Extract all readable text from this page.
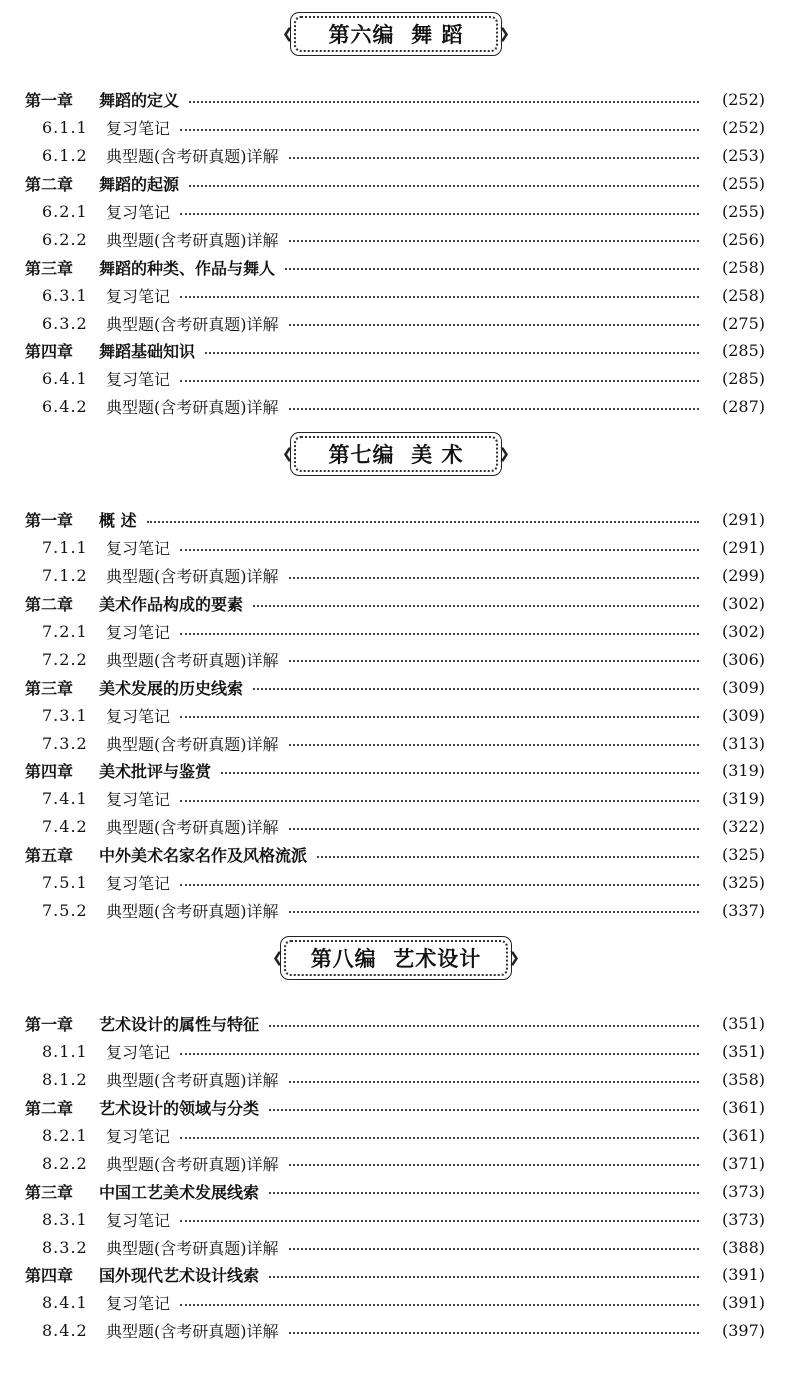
❮ 第六编  舞 蹈 ❯
第一章	舞蹈的定义	(252)
6.1.1	复习笔记	(252)
6.1.2	典型题(含考研真题)详解	(253)
第二章	舞蹈的起源	(255)
6.2.1	复习笔记	(255)
6.2.2	典型题(含考研真题)详解	(256)
第三章	舞蹈的种类、作品与舞人	(258)
6.3.1	复习笔记	(258)
6.3.2	典型题(含考研真题)详解	(275)
第四章	舞蹈基础知识	(285)
6.4.1	复习笔记	(285)
6.4.2	典型题(含考研真题)详解	(287)
❮ 第七编  美 术 ❯
第一章	概 述	(291)
7.1.1	复习笔记	(291)
7.1.2	典型题(含考研真题)详解	(299)
第二章	美术作品构成的要素	(302)
7.2.1	复习笔记	(302)
7.2.2	典型题(含考研真题)详解	(306)
第三章	美术发展的历史线索	(309)
7.3.1	复习笔记	(309)
7.3.2	典型题(含考研真题)详解	(313)
第四章	美术批评与鉴赏	(319)
7.4.1	复习笔记	(319)
7.4.2	典型题(含考研真题)详解	(322)
第五章	中外美术名家名作及风格流派	(325)
7.5.1	复习笔记	(325)
7.5.2	典型题(含考研真题)详解	(337)
❮ 第八编  艺术设计 ❯
第一章	艺术设计的属性与特征	(351)
8.1.1	复习笔记	(351)
8.1.2	典型题(含考研真题)详解	(358)
第二章	艺术设计的领域与分类	(361)
8.2.1	复习笔记	(361)
8.2.2	典型题(含考研真题)详解	(371)
第三章	中国工艺美术发展线索	(373)
8.3.1	复习笔记	(373)
8.3.2	典型题(含考研真题)详解	(388)
第四章	国外现代艺术设计线索	(391)
8.4.1	复习笔记	(391)
8.4.2	典型题(含考研真题)详解	(397)
